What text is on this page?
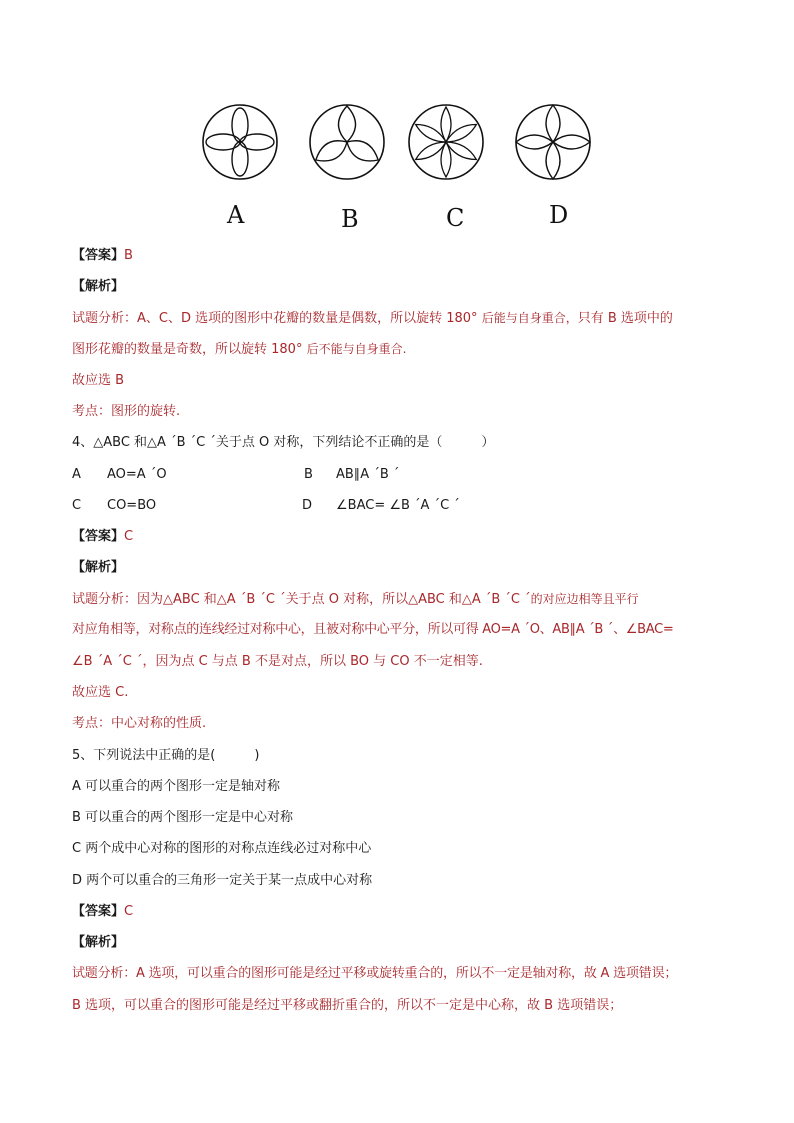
A	B	C	D
【答案】B
【解析】
试题分析：A、C、D 选项的图形中花瓣的数量是偶数，所以旋转 180° 后能与自身重合，只有 B 选项中的
图形花瓣的数量是奇数，所以旋转 180° 后不能与自身重合.
故应选 B
考点：图形的旋转.
4、△ABC 和△A ˊB ˊC ˊ关于点 O 对称，下列结论不正确的是（　　　）
A AO=A ˊO	B AB∥A ˊB ˊ
C CO=BO	D ∠BAC= ∠B ˊA ˊC ˊ
【答案】C
【解析】
试题分析：因为△ABC 和△A ˊB ˊC ˊ关于点 O 对称，所以△ABC 和△A ˊB ˊC ˊ的对应边相等且平行
对应角相等，对称点的连线经过对称中心，且被对称中心平分，所以可得 AO=A ˊO、AB∥A ˊB ˊ、∠BAC=
∠B ˊA ˊC ˊ，因为点 C 与点 B 不是对点，所以 BO 与 CO 不一定相等.
故应选 C.
考点：中心对称的性质.
5、下列说法中正确的是(　　　)
A 可以重合的两个图形一定是轴对称
B 可以重合的两个图形一定是中心对称
C 两个成中心对称的图形的对称点连线必过对称中心
D 两个可以重合的三角形一定关于某一点成中心对称
【答案】C
【解析】
试题分析：A 选项，可以重合的图形可能是经过平移或旋转重合的，所以不一定是轴对称，故 A 选项错误；
B 选项，可以重合的图形可能是经过平移或翻折重合的，所以不一定是中心称，故 B 选项错误；
